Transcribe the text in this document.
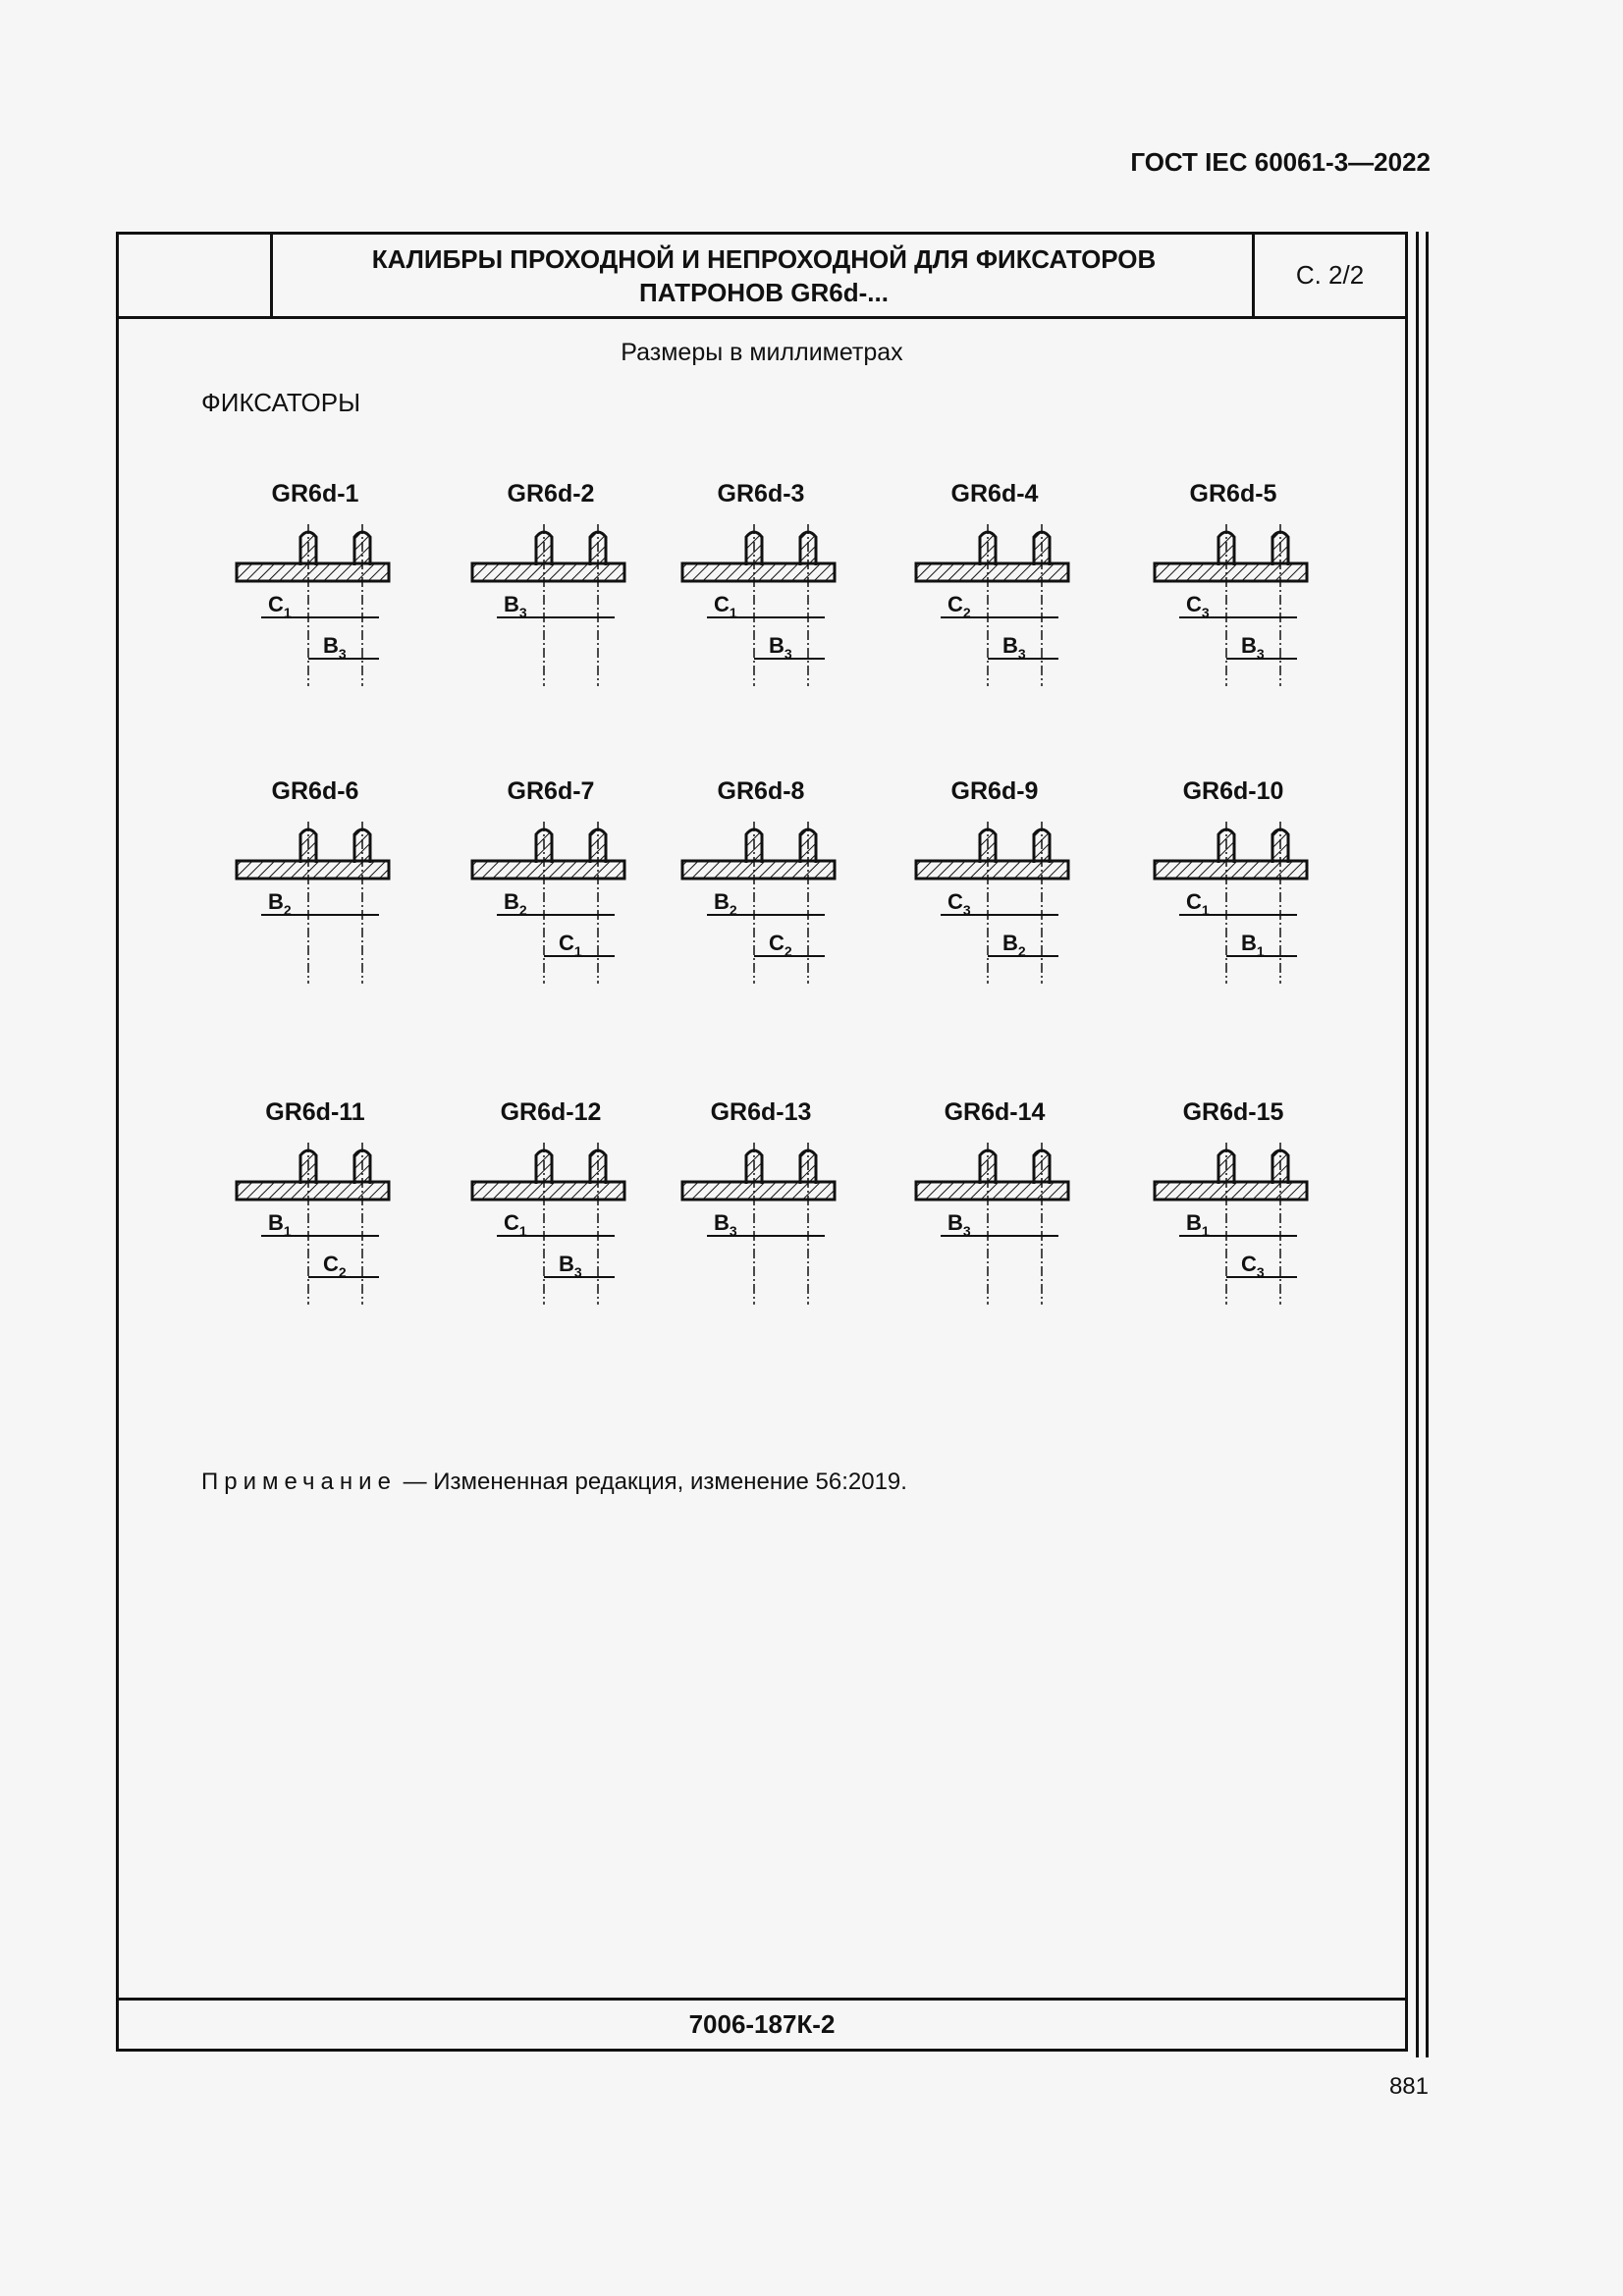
ГОСТ IEC 60061-3—2022
КАЛИБРЫ ПРОХОДНОЙ И НЕПРОХОДНОЙ ДЛЯ ФИКСАТОРОВ
ПАТРОНОВ GR6d-...
С. 2/2
Размеры в миллиметрах
ФИКСАТОРЫ
GR6d-1
$C_1$
$B_3$
GR6d-2
$B_3$
GR6d-3
$C_1$
$B_3$
GR6d-4
$C_2$
$B_3$
GR6d-5
$C_3$
$B_3$
GR6d-6
$B_2$
GR6d-7
$B_2$
$C_1$
GR6d-8
$B_2$
$C_2$
GR6d-9
$C_3$
$B_2$
GR6d-10
$C_1$
$B_1$
GR6d-11
$B_1$
$C_2$
GR6d-12
$C_1$
$B_3$
GR6d-13
$B_3$
GR6d-14
$B_3$
GR6d-15
$B_1$
$C_3$
Примечание — Измененная редакция, изменение 56:2019.
7006-187К-2
881
